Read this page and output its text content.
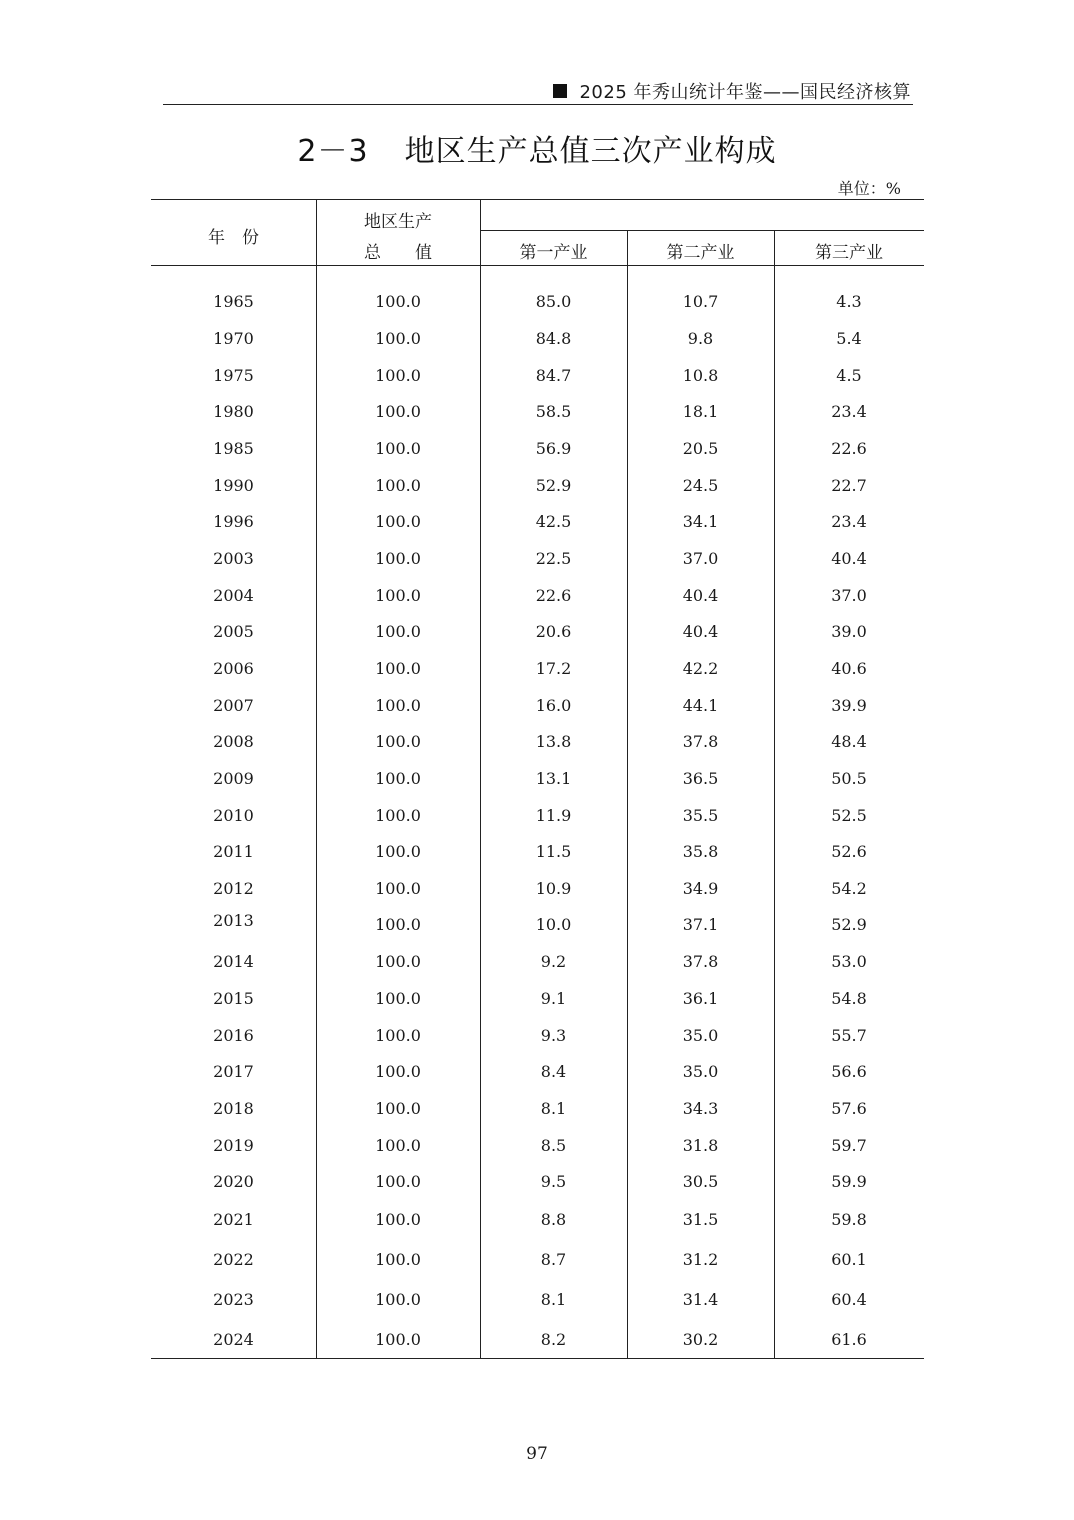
2025 年秀山统计年鉴——国民经济核算
2－3 地区生产总值三次产业构成
单位：%
年　份
地区生产
总　　值	第一产业	第二产业	第三产业
1965	100.0	85.0	10.7	4.3
1970	100.0	84.8	9.8	5.4
1975	100.0	84.7	10.8	4.5
1980	100.0	58.5	18.1	23.4
1985	100.0	56.9	20.5	22.6
1990	100.0	52.9	24.5	22.7
1996	100.0	42.5	34.1	23.4
2003	100.0	22.5	37.0	40.4
2004	100.0	22.6	40.4	37.0
2005	100.0	20.6	40.4	39.0
2006	100.0	17.2	42.2	40.6
2007	100.0	16.0	44.1	39.9
2008	100.0	13.8	37.8	48.4
2009	100.0	13.1	36.5	50.5
2010	100.0	11.9	35.5	52.5
2011	100.0	11.5	35.8	52.6
2012	100.0	10.9	34.9	54.2
2013	100.0	10.0	37.1	52.9
2014	100.0	9.2	37.8	53.0
2015	100.0	9.1	36.1	54.8
2016	100.0	9.3	35.0	55.7
2017	100.0	8.4	35.0	56.6
2018	100.0	8.1	34.3	57.6
2019	100.0	8.5	31.8	59.7
2020	100.0	9.5	30.5	59.9
2021	100.0	8.8	31.5	59.8
2022	100.0	8.7	31.2	60.1
2023	100.0	8.1	31.4	60.4
2024	100.0	8.2	30.2	61.6
97
